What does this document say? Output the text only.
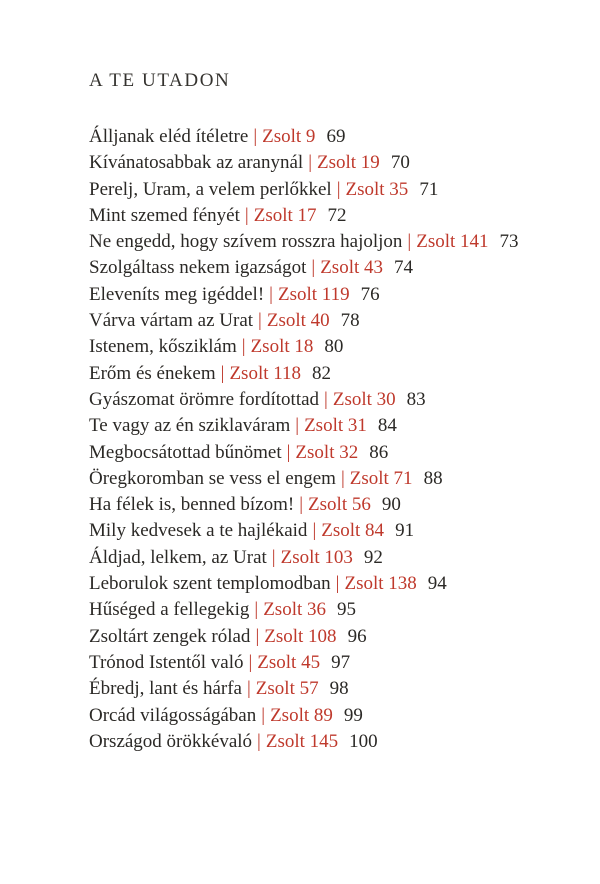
A TE UTADON
Álljanak eléd ítéletre | Zsolt 9 69
Kívánatosabbak az aranynál | Zsolt 19 70
Perelj, Uram, a velem perlőkkel | Zsolt 35 71
Mint szemed fényét | Zsolt 17 72
Ne engedd, hogy szívem rosszra hajoljon | Zsolt 141 73
Szolgáltass nekem igazságot | Zsolt 43 74
Eleveníts meg igéddel! | Zsolt 119 76
Várva vártam az Urat | Zsolt 40 78
Istenem, kősziklám | Zsolt 18 80
Erőm és énekem | Zsolt 118 82
Gyászomat örömre fordítottad | Zsolt 30 83
Te vagy az én sziklaváram | Zsolt 31 84
Megbocsátottad bűnömet | Zsolt 32 86
Öregkoromban se vess el engem | Zsolt 71 88
Ha félek is, benned bízom! | Zsolt 56 90
Mily kedvesek a te hajlékaid | Zsolt 84 91
Áldjad, lelkem, az Urat | Zsolt 103 92
Leborulok szent templomodban | Zsolt 138 94
Hűséged a fellegekig | Zsolt 36 95
Zsoltárt zengek rólad | Zsolt 108 96
Trónod Istentől való | Zsolt 45 97
Ébredj, lant és hárfa | Zsolt 57 98
Orcád világosságában | Zsolt 89 99
Országod örökkévaló | Zsolt 145 100
